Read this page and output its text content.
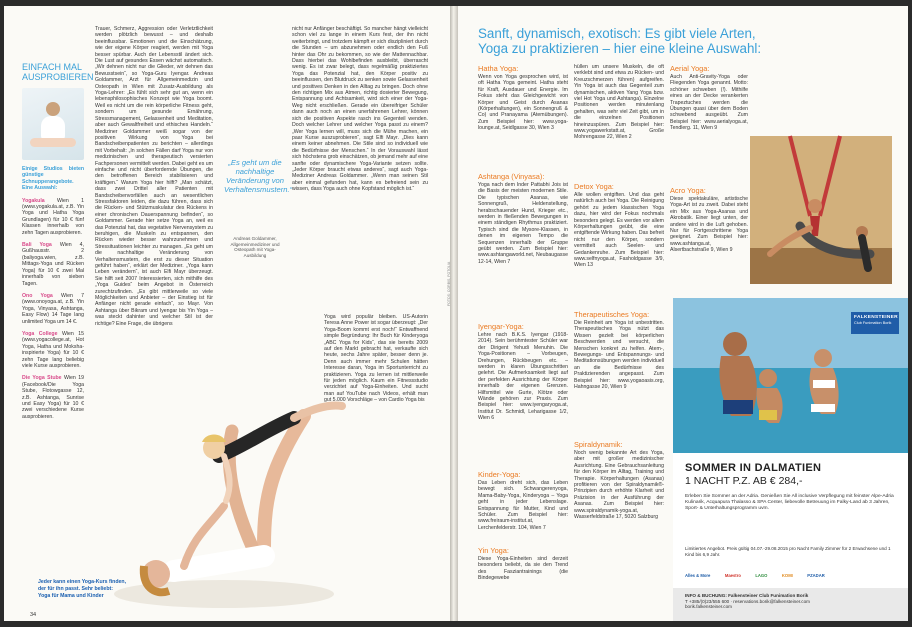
EINFACH MAL AUSPROBIEREN

Einige Studios bieten günstige Schnupperangebote. Eine Auswahl:

Yogakula Wien 1 (www.yogakula.at, z.B. Yin Yoga und Hatha Yoga Grundlagen) für 10 € fünf Klassen innerhalb von zehn Tagen ausprobieren.

Bali Yoga Wien 4, Gußhausstr. 2 (baliyoga.wien, z.B. Mittags-Yoga und Rücken Yoga) für 10 € zwei Mal innerhalb von sieben Tagen.

Ono Yoga Wien 7 (www.onoyoga.at, z.B. Yin Yoga, Vinyasa, Ashtanga, Easy Flow) 14 Tage lang unlimited Yoga um 14 €.

Yoga College Wien 15 (www.yogacollege.at, Hot Yoga, Hatha und Moksha-inspirierte Yoga) für 10 € zehn Tage lang beliebig viele Kurse ausprobieren.

Die Yoga Stube Wien 19 (Facebook/Die Yoga Stube, Flotowgasse 12, z.B. Ashtanga, Sunrise und Easy Yoga) für 10 € zwei verschiedene Kurse ausprobieren.

Trauer, Schmerz, Aggression oder Verletztlichkeit werden plötzlich bewusst – und deshalb beeinflussbar. Emotionen und die Einschätzung, wie der eigene Körper reagiert, werden mit Yoga besser spürbar. Auch der Lebensstil ändert sich. Die Lust auf gesundes Essen wächst automatisch. „Wir dehnen nicht nur die Glieder, wir dehnen das Bewusstsein“, so Yoga-Guru Iyengar. Andreas Goldammer, Arzt für Allgemeinmedizin und Osteopath in Wien mit Zusatz-Ausbildung als Yoga-Lehrer: „Es fühlt sich sehr gut an, wenn ein lebensphilosophisches Konzept wie Yoga boomt. Weil es nicht um die rein körperliche Fitness geht, sondern um gesunde Ernährung, Stressmanagement, Gelassenheit und Meditation, aber auch Gewaltfreiheit und ethisches Handeln.“ Mediziner Goldammer weiß sogar von der positiven Wirkung von Yoga bei Bandscheibenpatienten zu berichten – allerdings mit Vorbehalt: „In solchen Fällen darf Yoga nur von medizinischen und therapeutisch versierten Fachpersonen vermittelt werden. Dabei geht es um einfache und nicht überfordernde Übungen, die den betroffenen Bereich stabilisieren und kräftigen.“ Warum Yoga hier hilft? „Man schätzt, dass zwei Drittel aller Patienten mit Bandscheibenvorfällen auch an wesentlichen Stressfaktoren leiden, die dazu führen, dass sich die Rücken- und Stützmuskulatur des Rückens in einer chronischen Dauerspannung befinden“, so Goldammer. Gerade hier setze Yoga an, weil es das Potenzial hat, das vegetative Nervensystem zu beruhigen, die Muskeln zu entspannen, den Rücken wieder besser wahrzunehmen und Stressituationen leichter zu managen. „Es geht um die nachhaltige Veränderung von Verhaltensmustern, die erst zu dieser Situation geführt haben“, erklärt der Mediziner. „Yoga kann Leben verändern“, ist auch Elfi Mayr überzeugt. Sie hilft seit 2007 Interessierten, sich mithilfe des „Yoga Guides“ beim Angebot in Österreich zurechtzufinden. „Es gibt mittlerweile so viele Möglichkeiten und Anbieter – der Einstieg ist für Anfänger nicht gerade einfach“, so Mayr. Von Ashtanga über Bikram und Iyengar bis Yin Yoga – was steckt dahinter und welcher Stil ist der richtige? Eine Frage, die übrigens

„Es geht um die nachhaltige Veränderung von Verhaltensmustern.“
Andreas Goldammer, Allgemeinmediziner und Osteopath mit Yoga-Ausbildung

nicht nur Anfänger beschäftigt. So mancher hängt vielleicht schon viel zu lange in einem Kurs fest, der ihn nicht weiterbringt, und trotzdem kämpft er sich diszipliniert durch die Stunden – um abzunehmen oder endlich den Fuß hinter das Ohr zu bekommen, so wie der Mattennachbar. Dass hierbei das Wohlbefinden ausbleibt, überrascht wenig. Es ist zwar belegt, dass regelmäßig praktiziertes Yoga das Potenzial hat, den Körper positiv zu beeinflussen, den Blutdruck zu senken sowie Gelassenheit und positives Denken in den Alltag zu bringen. Doch ohne den richtigen Mix aus Atmen, richtig dosierter Bewegung, Entspannung und Achtsamkeit, wird sich einer der Yoga-Weg nicht erschließen. Gerade ein übereifriger Schüler dann auch noch an einen unerfahrenen Lehrer, können sich die positiven Aspekte rasch ins Gegenteil wenden. Doch welcher Lehrer und welcher Yoga passt zu einem? „Wer Yoga lernen will, muss sich die Mühe machen, ein paar Kurse auszuprobieren“, sagt Elfi Mayr. „Dies kann einem keiner abnehmen. Die Stile sind so individuell wie die Bedürfnisse der Menschen.“ In der Vorauswahl lässt sich höchstens grob einschätzen, ob jemand mehr auf eine sanfte oder dynamischere Yoga-Variante setzen sollte. „Jeder Körper braucht etwas anderes“, sagt auch Yoga-Mediziner Andreas Goldammer. „Wenn man seinen Stil aber einmal gefunden hat, kann es befreiend sein zu wissen, dass Yoga auch ohne Kopfstand möglich ist.“

Yoga wird populär bleiben. US-Autorin Teresa Anne Power ist sogar überzeugt: „Der Yoga-Boom kommt erst noch!“ Entwaffnend simple Begründung: Ihr Buch für Kinderyoga „ABC Yoga for Kids“, das sie bereits 2009 auf den Markt gebracht hat, verkaufte sich heute, sechs Jahre später, besser denn je. Denn auch immer mehr Schulen hätten Interesse daran, Yoga im Sportunterricht zu praktizieren. Yoga zu lernen ist mittlerweile für jeden möglich. Kaum ein Fitnessstudio verzichtet auf Yoga-Einheiten. Und sucht man auf YouTube nach Videos, erhält man gut 5.000 Vorschläge – von Cardio Yoga bis

Jeder kann einen Yoga-Kurs finden,
der für ihn passt. Sehr beliebt:
Yoga für Mama und Kinder
34
FOTOS: CORBIS, FOTOLIA
Sanft, dynamisch, exotisch: Es gibt viele Arten,
Yoga zu praktizieren – hier eine kleine Auswahl:
Hatha Yoga:

Wenn von Yoga gesprochen wird, ist oft Hatha Yoga gemeint. Hatha steht für Kraft, Ausdauer und Energie. Im Fokus steht das Gleichgewicht von Körper und Geist durch Asanas (Körperhaltungen), ein Sonnengruß & Co) und Pranayama (Atemübungen). Zum Beispiel hier: www.yoga-lounge.at, Seidlgasse 30, Wien 3

Ashtanga (Vinyasa):

Yoga nach dem Inder Pattabhi Jois ist die Basis der meisten modernen Stile. Die typischen Asanas, wie Sonnengruß, Heldenstellung, herabschauender Hund, Krieger etc., werden in fließenden Bewegungen in einem ständigen Rhythmus praktiziert. Typisch sind die Mysore-Klassen, in denen im eigenen Tempo die Sequenzen innerhalb der Gruppe geübt werden. Zum Beispiel hier: www.ashtangaworld.net, Neubaugasse 12-14, Wien 7

Iyengar-Yoga:

Lehre nach B.K.S. Iyengar (1918-2014). Sein berühmtester Schüler war der Dirigent Yehudi Menuhin. Die Yoga-Positionen – Vorbeugen, Drehungen, Rückbeugen etc. – werden in klaren Übungsschritten gelehrt. Die Aufmerksamkeit liegt auf der perfekten Ausrichtung der Körper innerhalb der eigenen Grenzen. Hilfsmittel wie Gurte, Klötze oder Wände gehören zur Praxis. Zum Beispiel hier: www.iyengaryoga.at, Institut Dr. Schmidl, Leharigasse 1/2, Wien 6

Kinder-Yoga:

Das Leben dreht sich, das Leben bewegt sich. Schwangerenyoga, Mama-Baby-Yoga, Kinderyoga – Yoga geht in jeder Lebenslage. Entspannung für Mutter, Kind und Schüler. Zum Beispiel hier: www.freiraum-institut.at, Lerchenfelderstr. 104, Wien 7

Yin Yoga:

Diese Yoga-Einheiten sind derzeit besonders beliebt, da sie den Trend des Fasziantrainings (die Bindegewebe

hüllen um unsere Muskeln, die oft verklebt sind und etwa zu Rücken- und Kreuzschmerzen führen) aufgreifen. Yin Yoga ist auch das Gegenteil zum dynamischen, aktiven Yang Yoga bzw. viel Hot Yoga und Ashtanga). Einzelne Positionen werden minutenlang gehalten, was sehr viel Zeit gibt, um in die einzelnen Positionen hineinzuspüren. Zum Beispiel hier: www.yogawerkstatt.at, Große Mohrengasse 22, Wien 2

Detox Yoga:

Alle wollen entgiften. Und das geht natürlich auch bei Yoga. Die Reinigung gehört zu jedem klassischen Yoga dazu, hier wird der Fokus nochmals besonders gelegt. Es werden vor allem Körperhaltungen geübt, die eine entgiftende Wirkung haben. Das befreit nicht nur den Körper, sondern vermittelt auch Seelen- und Gedankenruhe. Zum Beispiel hier: www.selfnyoga.at, Fasholdgasse 3/9, Wien 13

Therapeutisches Yoga:

Die Reinheit am Yoga ist unbestritten. Therapeutisches Yoga nützt das Wissen gezielt bei körperlichen Beschwerden und versucht, die Menschen konkret zu helfen. Atem-, Bewegungs- und Entspannungs- und Meditationsübungen werden individuell an die Bedürfnisse des Praktizierenden angepasst. Zum Beispiel hier: www.yogaoasis.org, Hahngasse 20, Wien 9

Spiraldynamik:

Noch wenig bekannte Art des Yoga, aber mit großer medizinischer Ausrichtung. Eine Gebrauchsanleitung für den Körper im Alltag, Training und Therapie. Körperhaltungen (Asanas) profitieren von der Spiraldynamik®-Prinzipien durch erhöhte Klarheit und Präzision in der Ausführung der Asanas. Zum Beispiel hier: www.spiraldynamik-yoga.at, Wasserfeldstraße 17, 5020 Salzburg

Aerial Yoga:

Auch Anti-Gravity-Yoga oder Fliegenden Yoga genannt. Motto: schöner schweben (!). Mithilfe eines an der Decke verankerten Trapeztuches werden die Übungen quasi über dem Boden schwebend ausgeübt. Zum Beispiel hier: www.aerialyoga.at, Tendlerg. 11, Wien 9

Acro Yoga:

Diese spektakuläre, artistische Yoga-Art ist zu zweit. Dabei steht ein Mix aus Yoga-Asanas und Akrobatik. Einer liegt unten, der andere wird in die Luft gehoben. Nur für Fortgeschrittene Yoga geeignet. Zum Beispiel hier: www.ashtanga.at, Alsertbachstraße 9, Wien 9

FALKENSTEINER
Club Funimation Borik
SOMMER IN DALMATIEN
1 NACHT P.Z. AB € 284,-
Erleben Sie Sommer an der Adria. Genießen Sie All inclusive Verpflegung mit feinster Alpe-Adria Kulinarik, Acquapura Thalasso & SPA Center, liebevolle Betreuung im Falky-Land ab 3 Jahren, Sport- & Unterhaltungsprogramm uvm.
Limitiertes Angebot. Preis gültig 04.07.-29.08.2015 pro Nacht Family Zimmer für 2 Erwachsene und 1 Kind bis 6,9 Jahr.
Alles & More	Maestro	LAGO	KOMI	PZADAR
INFO & BUCHUNG: Falkensteiner Club Funimation Borik
T +385/(0)23/555 600 · reservations.borik@falkensteiner.com
borik.falkensteiner.com
